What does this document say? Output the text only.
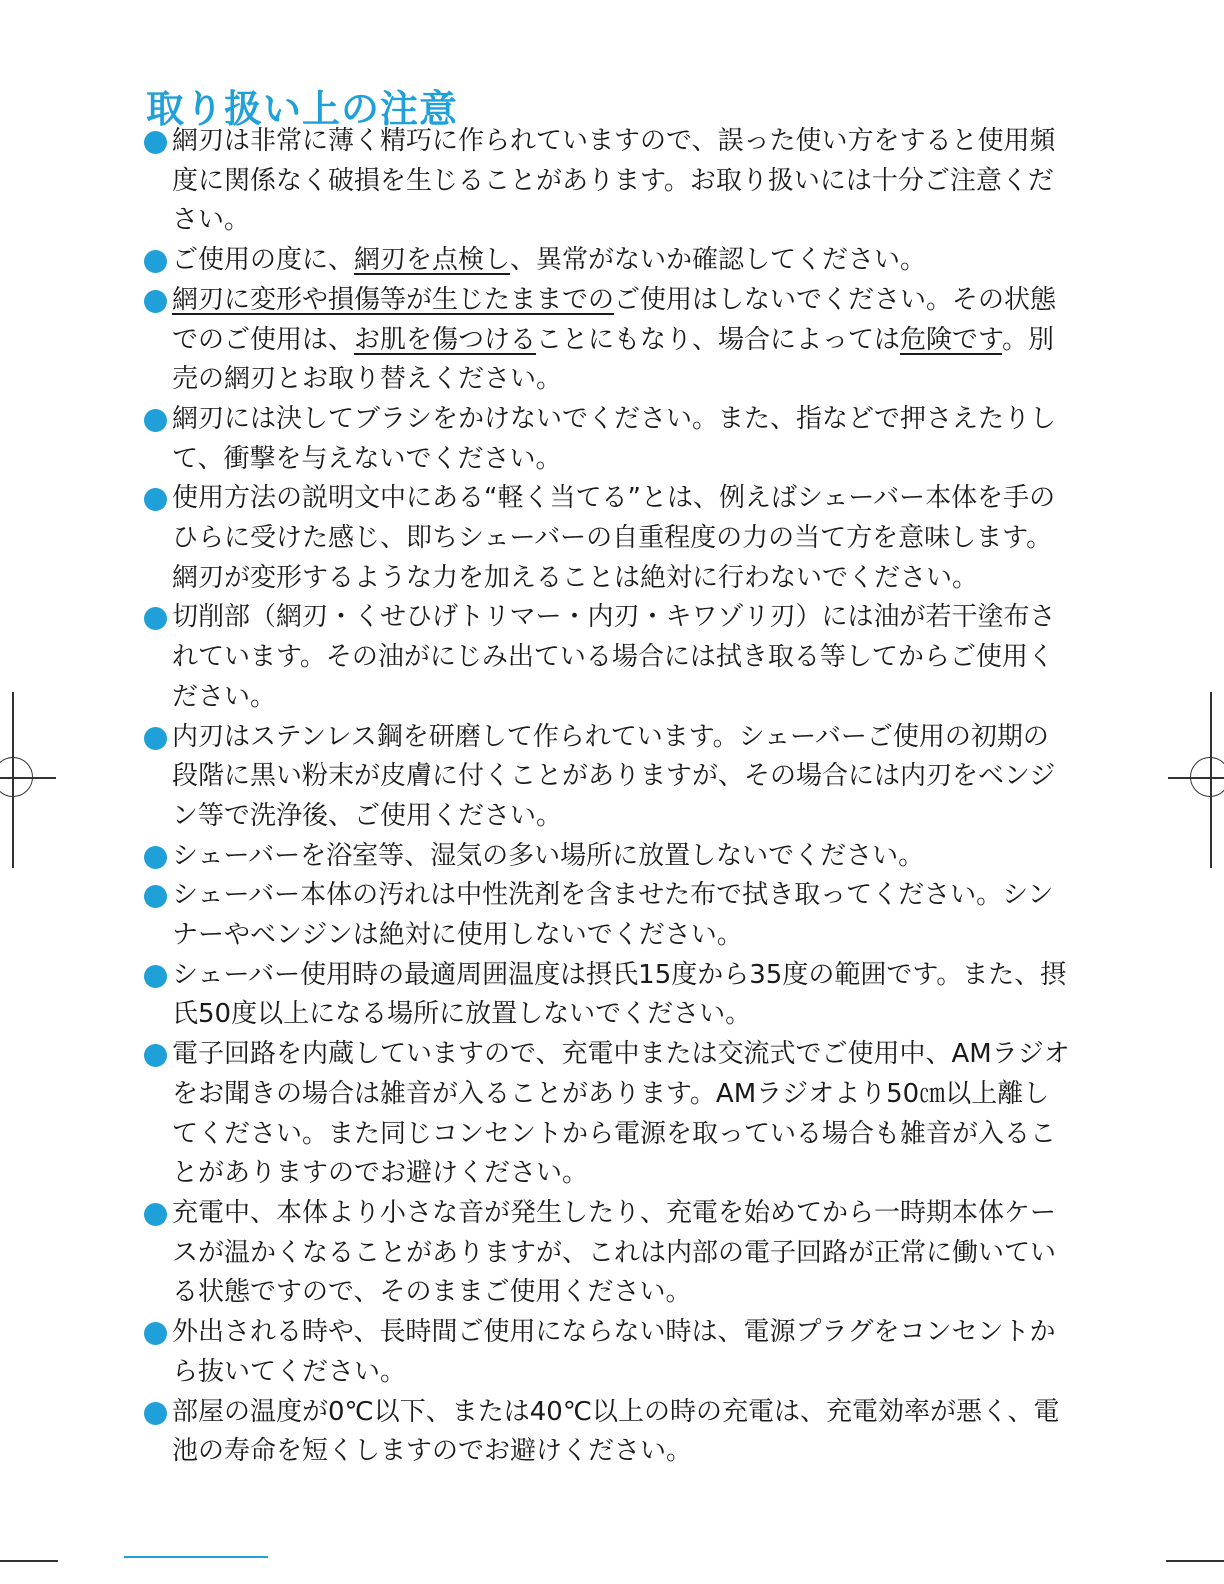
取り扱い上の注意
網刃は非常に薄く精巧に作られていますので、誤った使い方をすると使用頻度に関係なく破損を生じることがあります。お取り扱いには十分ご注意ください。
ご使用の度に、網刃を点検し、異常がないか確認してください。
網刃に変形や損傷等が生じたままでのご使用はしないでください。その状態でのご使用は、お肌を傷つけることにもなり、場合によっては危険です。別売の網刃とお取り替えください。
網刃には決してブラシをかけないでください。また、指などで押さえたりして、衝撃を与えないでください。
使用方法の説明文中にある“軽く当てる”とは、例えばシェーバー本体を手のひらに受けた感じ、即ちシェーバーの自重程度の力の当て方を意味します。網刃が変形するような力を加えることは絶対に行わないでください。
切削部（網刃・くせひげトリマー・内刃・キワゾリ刃）には油が若干塗布されています。その油がにじみ出ている場合には拭き取る等してからご使用ください。
内刃はステンレス鋼を研磨して作られています。シェーバーご使用の初期の段階に黒い粉末が皮膚に付くことがありますが、その場合には内刃をベンジン等で洗浄後、ご使用ください。
シェーバーを浴室等、湿気の多い場所に放置しないでください。
シェーバー本体の汚れは中性洗剤を含ませた布で拭き取ってください。シンナーやベンジンは絶対に使用しないでください。
シェーバー使用時の最適周囲温度は摂氏15度から35度の範囲です。また、摂氏50度以上になる場所に放置しないでください。
電子回路を内蔵していますので、充電中または交流式でご使用中、AMラジオをお聞きの場合は雑音が入ることがあります。AMラジオより50㎝以上離してください。また同じコンセントから電源を取っている場合も雑音が入ることがありますのでお避けください。
充電中、本体より小さな音が発生したり、充電を始めてから一時期本体ケースが温かくなることがありますが、これは内部の電子回路が正常に働いている状態ですので、そのままご使用ください。
外出される時や、長時間ご使用にならない時は、電源プラグをコンセントから抜いてください。
部屋の温度が0℃以下、または40℃以上の時の充電は、充電効率が悪く、電池の寿命を短くしますのでお避けください。
